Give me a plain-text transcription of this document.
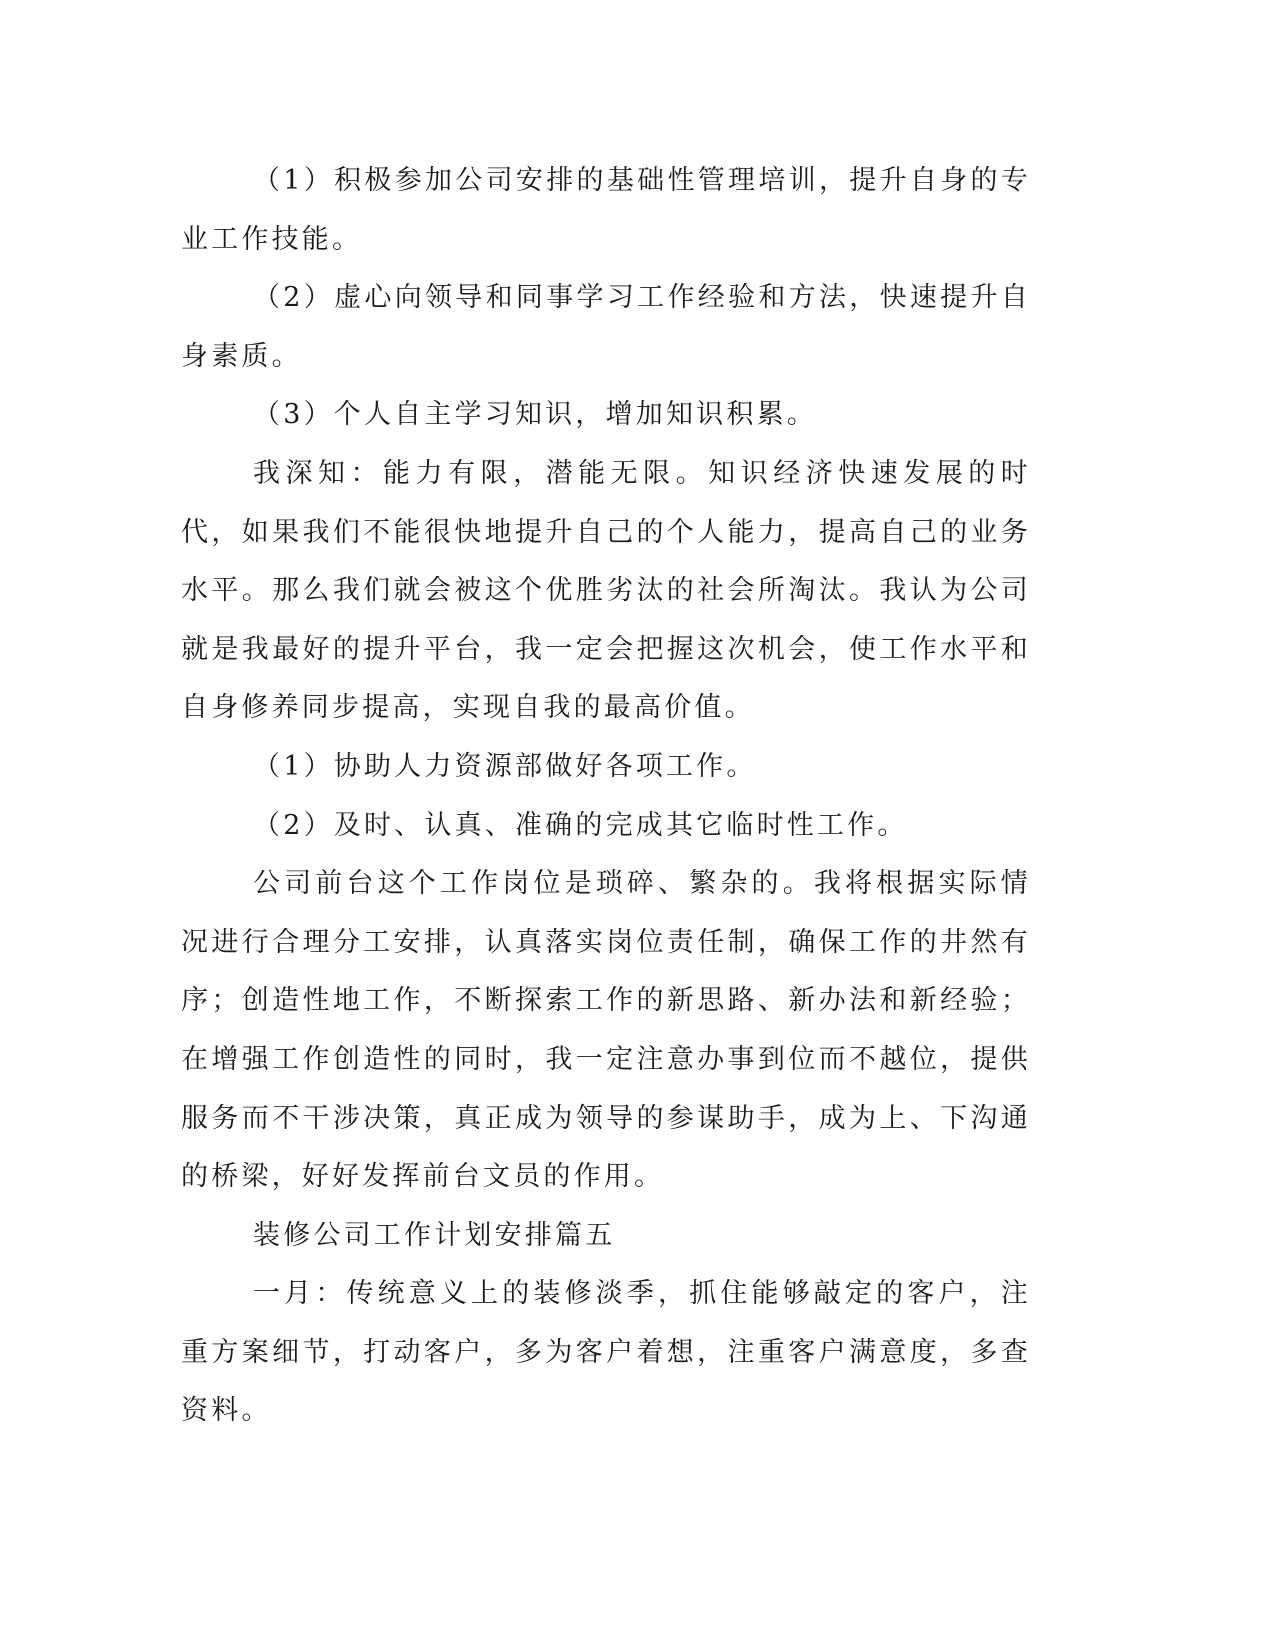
（1）积极参加公司安排的基础性管理培训，提升自身的专业工作技能。

（2）虚心向领导和同事学习工作经验和方法，快速提升自身素质。

（3）个人自主学习知识，增加知识积累。

我深知：能力有限，潜能无限。知识经济快速发展的时代，如果我们不能很快地提升自己的个人能力，提高自己的业务水平。那么我们就会被这个优胜劣汰的社会所淘汰。我认为公司就是我最好的提升平台，我一定会把握这次机会，使工作水平和自身修养同步提高，实现自我的最高价值。

（1）协助人力资源部做好各项工作。

（2）及时、认真、准确的完成其它临时性工作。

公司前台这个工作岗位是琐碎、繁杂的。我将根据实际情况进行合理分工安排，认真落实岗位责任制，确保工作的井然有序；创造性地工作，不断探索工作的新思路、新办法和新经验；在增强工作创造性的同时，我一定注意办事到位而不越位，提供服务而不干涉决策，真正成为领导的参谋助手，成为上、下沟通的桥梁，好好发挥前台文员的作用。

装修公司工作计划安排篇五

一月：传统意义上的装修淡季，抓住能够敲定的客户，注重方案细节，打动客户，多为客户着想，注重客户满意度，多查资料。
